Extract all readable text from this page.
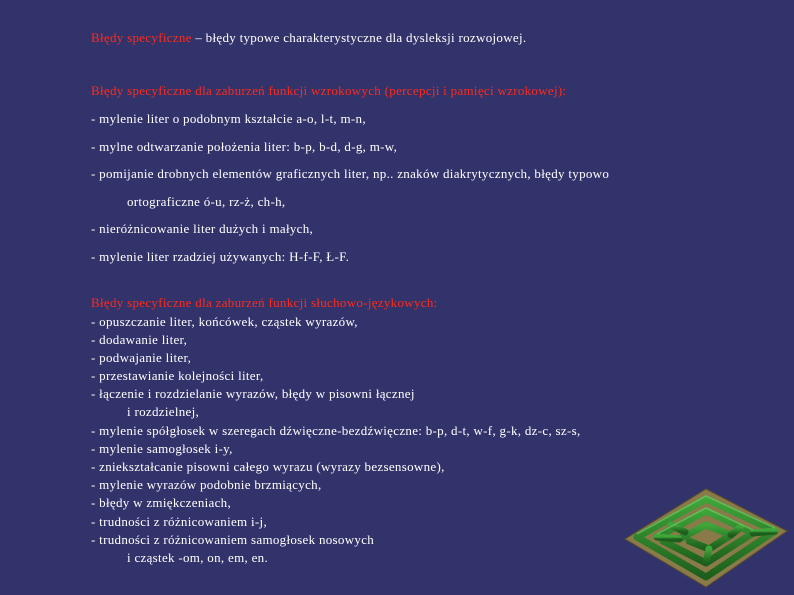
Błędy specyficzne – błędy typowe charakterystyczne dla dysleksji rozwojowej.
Błędy specyficzne dla zaburzeń funkcji wzrokowych (percepcji i pamięci wzrokowej):
- mylenie liter o podobnym kształcie a-o, l-t, m-n,
- mylne odtwarzanie położenia liter: b-p, b-d, d-g, m-w,
- pomijanie drobnych elementów graficznych liter, np.. znaków diakrytycznych, błędy typowo
ortograficzne ó-u, rz-ż, ch-h,
- nieróżnicowanie liter dużych i małych,
- mylenie liter rzadziej używanych: H-f-F, Ł-F.
Błędy specyficzne dla zaburzeń funkcji słuchowo-językowych:
- opuszczanie liter, końcówek, cząstek wyrazów,
- dodawanie liter,
- podwajanie liter,
- przestawianie kolejności liter,
- łączenie i rozdzielanie wyrazów, błędy w pisowni łącznej
i rozdzielnej,
- mylenie spółgłosek w szeregach dźwięczne-bezdźwięczne: b-p, d-t, w-f, g-k, dz-c, sz-s,
- mylenie samogłosek i-y,
- zniekształcanie pisowni całego wyrazu (wyrazy bezsensowne),
- mylenie wyrazów podobnie brzmiących,
- błędy w zmiękczeniach,
- trudności z różnicowaniem i-j,
- trudności z różnicowaniem samogłosek nosowych
i cząstek -om, on, em, en.
